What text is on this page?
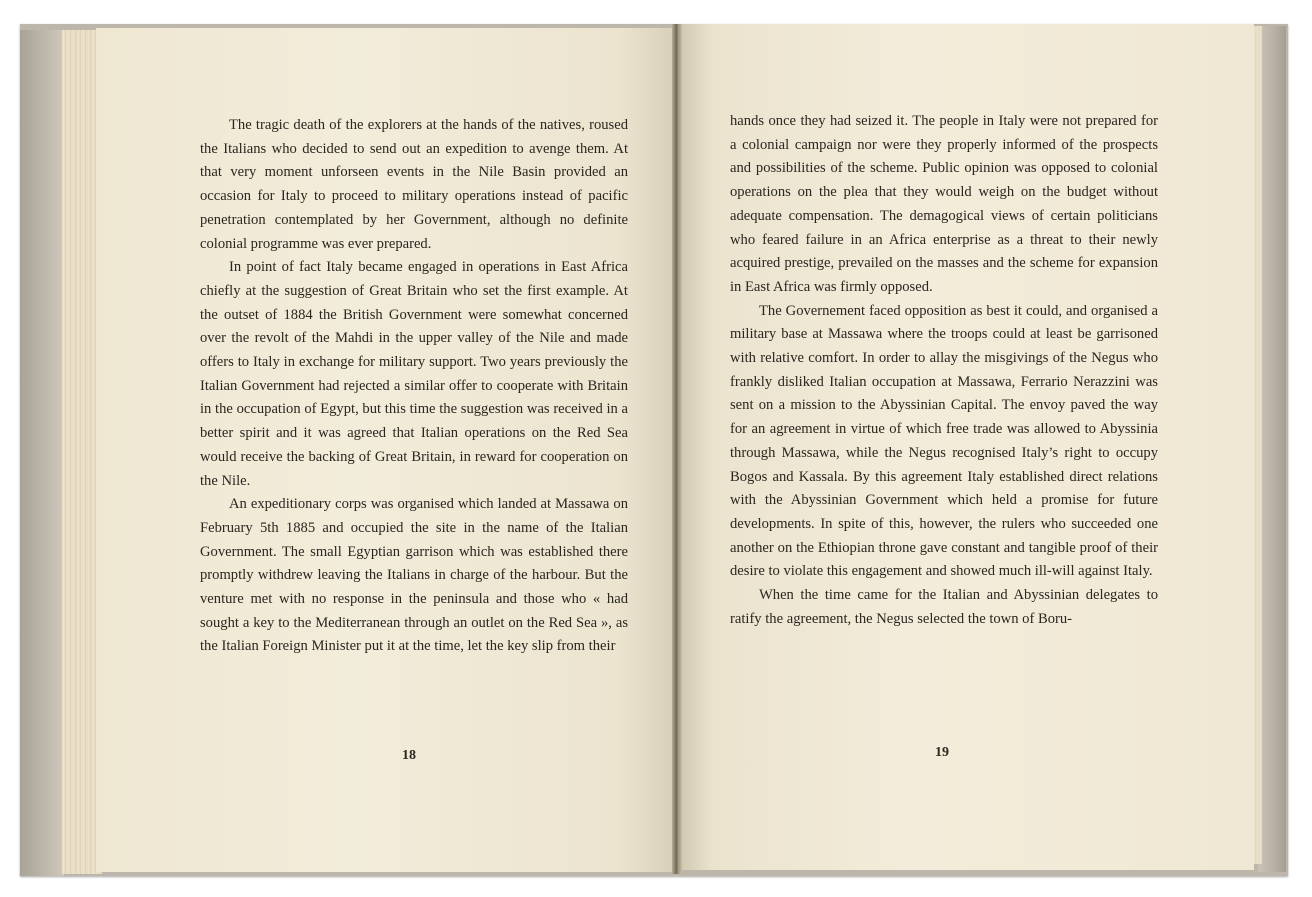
The tragic death of the explorers at the hands of the natives, roused the Italians who decided to send out an expedition to avenge them. At that very moment unforseen events in the Nile Basin provided an occasion for Italy to proceed to military operations instead of pacific penetration contemplated by her Government, although no definite colonial programme was ever prepared.

In point of fact Italy became engaged in operations in East Africa chiefly at the suggestion of Great Britain who set the first example. At the outset of 1884 the British Government were somewhat concerned over the revolt of the Mahdi in the upper valley of the Nile and made offers to Italy in exchange for military support. Two years previously the Italian Government had rejected a similar offer to cooperate with Britain in the occupation of Egypt, but this time the suggestion was received in a better spirit and it was agreed that Italian operations on the Red Sea would receive the backing of Great Britain, in reward for cooperation on the Nile.

An expeditionary corps was organised which landed at Massawa on February 5th 1885 and occupied the site in the name of the Italian Government. The small Egyptian garrison which was established there promptly withdrew leaving the Italians in charge of the harbour. But the venture met with no response in the peninsula and those who « had sought a key to the Mediterranean through an outlet on the Red Sea », as the Italian Foreign Minister put it at the time, let the key slip from their

18

hands once they had seized it. The people in Italy were not prepared for a colonial campaign nor were they properly informed of the prospects and possibilities of the scheme. Public opinion was opposed to colonial operations on the plea that they would weigh on the budget without adequate compensation. The demagogical views of certain politicians who feared failure in an Africa enterprise as a threat to their newly acquired prestige, prevailed on the masses and the scheme for expansion in East Africa was firmly opposed.

The Governement faced opposition as best it could, and organised a military base at Massawa where the troops could at least be garrisoned with relative comfort. In order to allay the misgivings of the Negus who frankly disliked Italian occupation at Massawa, Ferrario Nerazzini was sent on a mission to the Abyssinian Capital. The envoy paved the way for an agreement in virtue of which free trade was allowed to Abyssinia through Massawa, while the Negus recognised Italy’s right to occupy Bogos and Kassala. By this agreement Italy established direct relations with the Abyssinian Government which held a promise for future developments. In spite of this, however, the rulers who succeeded one another on the Ethiopian throne gave constant and tangible proof of their desire to violate this engagement and showed much ill-will against Italy.

When the time came for the Italian and Abyssinian delegates to ratify the agreement, the Negus selected the town of Boru-

19
